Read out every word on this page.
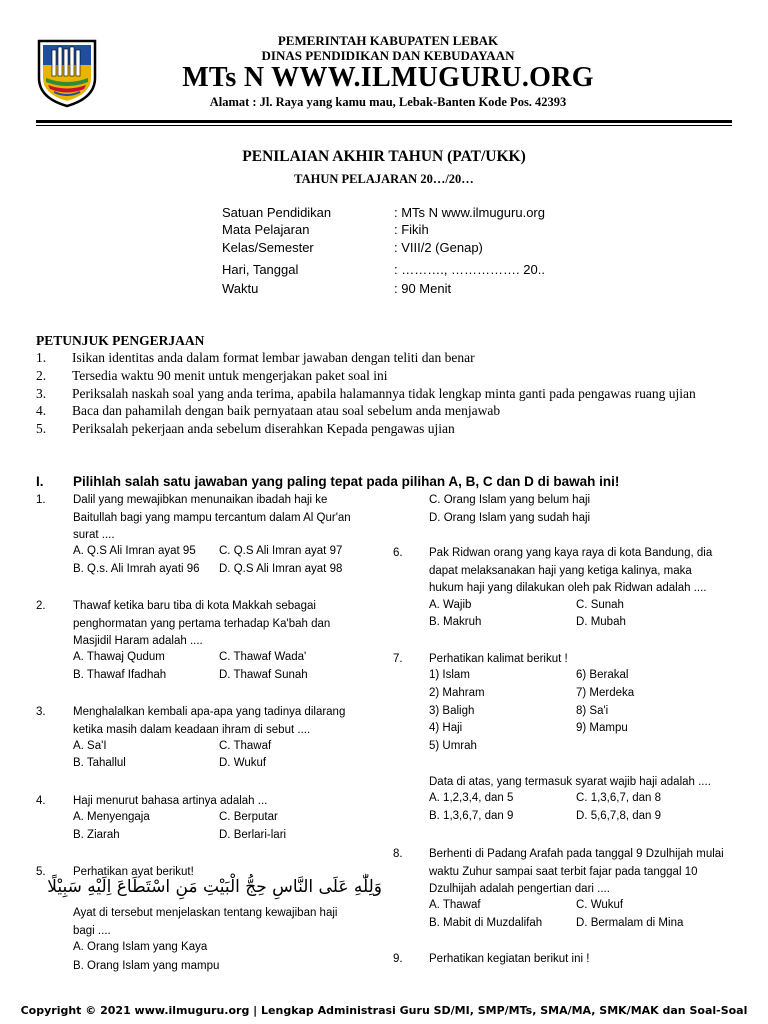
PEMERINTAH KABUPATEN LEBAK
DINAS PENDIDIKAN DAN KEBUDAYAAN
MTs N WWW.ILMUGURU.ORG
Alamat : Jl. Raya yang kamu mau, Lebak-Banten Kode Pos. 42393
PENILAIAN AKHIR TAHUN (PAT/UKK)
TAHUN PELAJARAN 20…/20…
Satuan Pendidikan	: MTs N www.ilmuguru.org
Mata Pelajaran	: Fikih
Kelas/Semester	: VIII/2 (Genap)
Hari, Tanggal	: ………., ……………. 20..
Waktu	: 90 Menit
PETUNJUK PENGERJAAN
1. Isikan identitas anda dalam format lembar jawaban dengan teliti dan benar
2. Tersedia waktu 90 menit untuk mengerjakan paket soal ini
3. Periksalah naskah soal yang anda terima, apabila halamannya tidak lengkap minta ganti pada pengawas ruang ujian
4. Baca dan pahamilah dengan baik pernyataan atau soal sebelum anda menjawab
5. Periksalah pekerjaan anda sebelum diserahkan Kepada pengawas ujian
I. Pilihlah salah satu jawaban yang paling tepat pada pilihan A, B, C dan D di bawah ini!
1. Dalil yang mewajibkan menunaikan ibadah haji ke Baitullah bagi yang mampu tercantum dalam Al Qur'an surat ....
A. Q.S Ali Imran ayat 95 C. Q.S Ali Imran ayat 97
B. Q.s. Ali Imrah ayati 96 D. Q.S Ali Imran ayat 98
2. Thawaf ketika baru tiba di kota Makkah sebagai penghormatan yang pertama terhadap Ka'bah dan Masjidil Haram adalah ....
A. Thawaj Qudum	C. Thawaf Wada'
B. Thawaf Ifadhah	D. Thawaf Sunah
3. Menghalalkan kembali apa-apa yang tadinya dilarang ketika masih dalam keadaan ihram di sebut ....
A. Sa'I	C. Thawaf
B. Tahallul	D. Wukuf
4. Haji menurut bahasa artinya adalah ...
A. Menyengaja	C. Berputar
B. Ziarah	D. Berlari-lari
5. Perhatikan ayat berikut!
وَلِلّٰهِ عَلَى النَّاسِ حِجُّ الْبَيْتِ مَنِ اسْتَطَاعَ اِلَيْهِ سَبِيْلًا
Ayat di tersebut menjelaskan tentang kewajiban haji bagi ....
A. Orang Islam yang Kaya
B. Orang Islam yang mampu
C. Orang Islam yang belum haji
D. Orang Islam yang sudah haji
6. Pak Ridwan orang yang kaya raya di kota Bandung, dia dapat melaksanakan haji yang ketiga kalinya, maka hukum haji yang dilakukan oleh pak Ridwan adalah ....
A. Wajib	C. Sunah
B. Makruh	D. Mubah
7. Perhatikan kalimat berikut !
1) Islam
2) Mahram
3) Baligh
4) Haji
5) Umrah
6) Berakal
7) Merdeka
8) Sa'i
9) Mampu
Data di atas, yang termasuk syarat wajib haji adalah ....
A. 1,2,3,4, dan 5	C. 1,3,6,7, dan 8
B. 1,3,6,7, dan 9	D. 5,6,7,8, dan 9
8. Berhenti di Padang Arafah pada tanggal 9 Dzulhijah mulai waktu Zuhur sampai saat terbit fajar pada tanggal 10 Dzulhijah adalah pengertian dari ....
A. Thawaf	C. Wukuf
B. Mabit di Muzdalifah	D. Bermalam di Mina
9. Perhatikan kegiatan berikut ini !
Copyright © 2021 www.ilmuguru.org | Lengkap Administrasi Guru SD/MI, SMP/MTs, SMA/MA, SMK/MAK dan Soal-Soal
